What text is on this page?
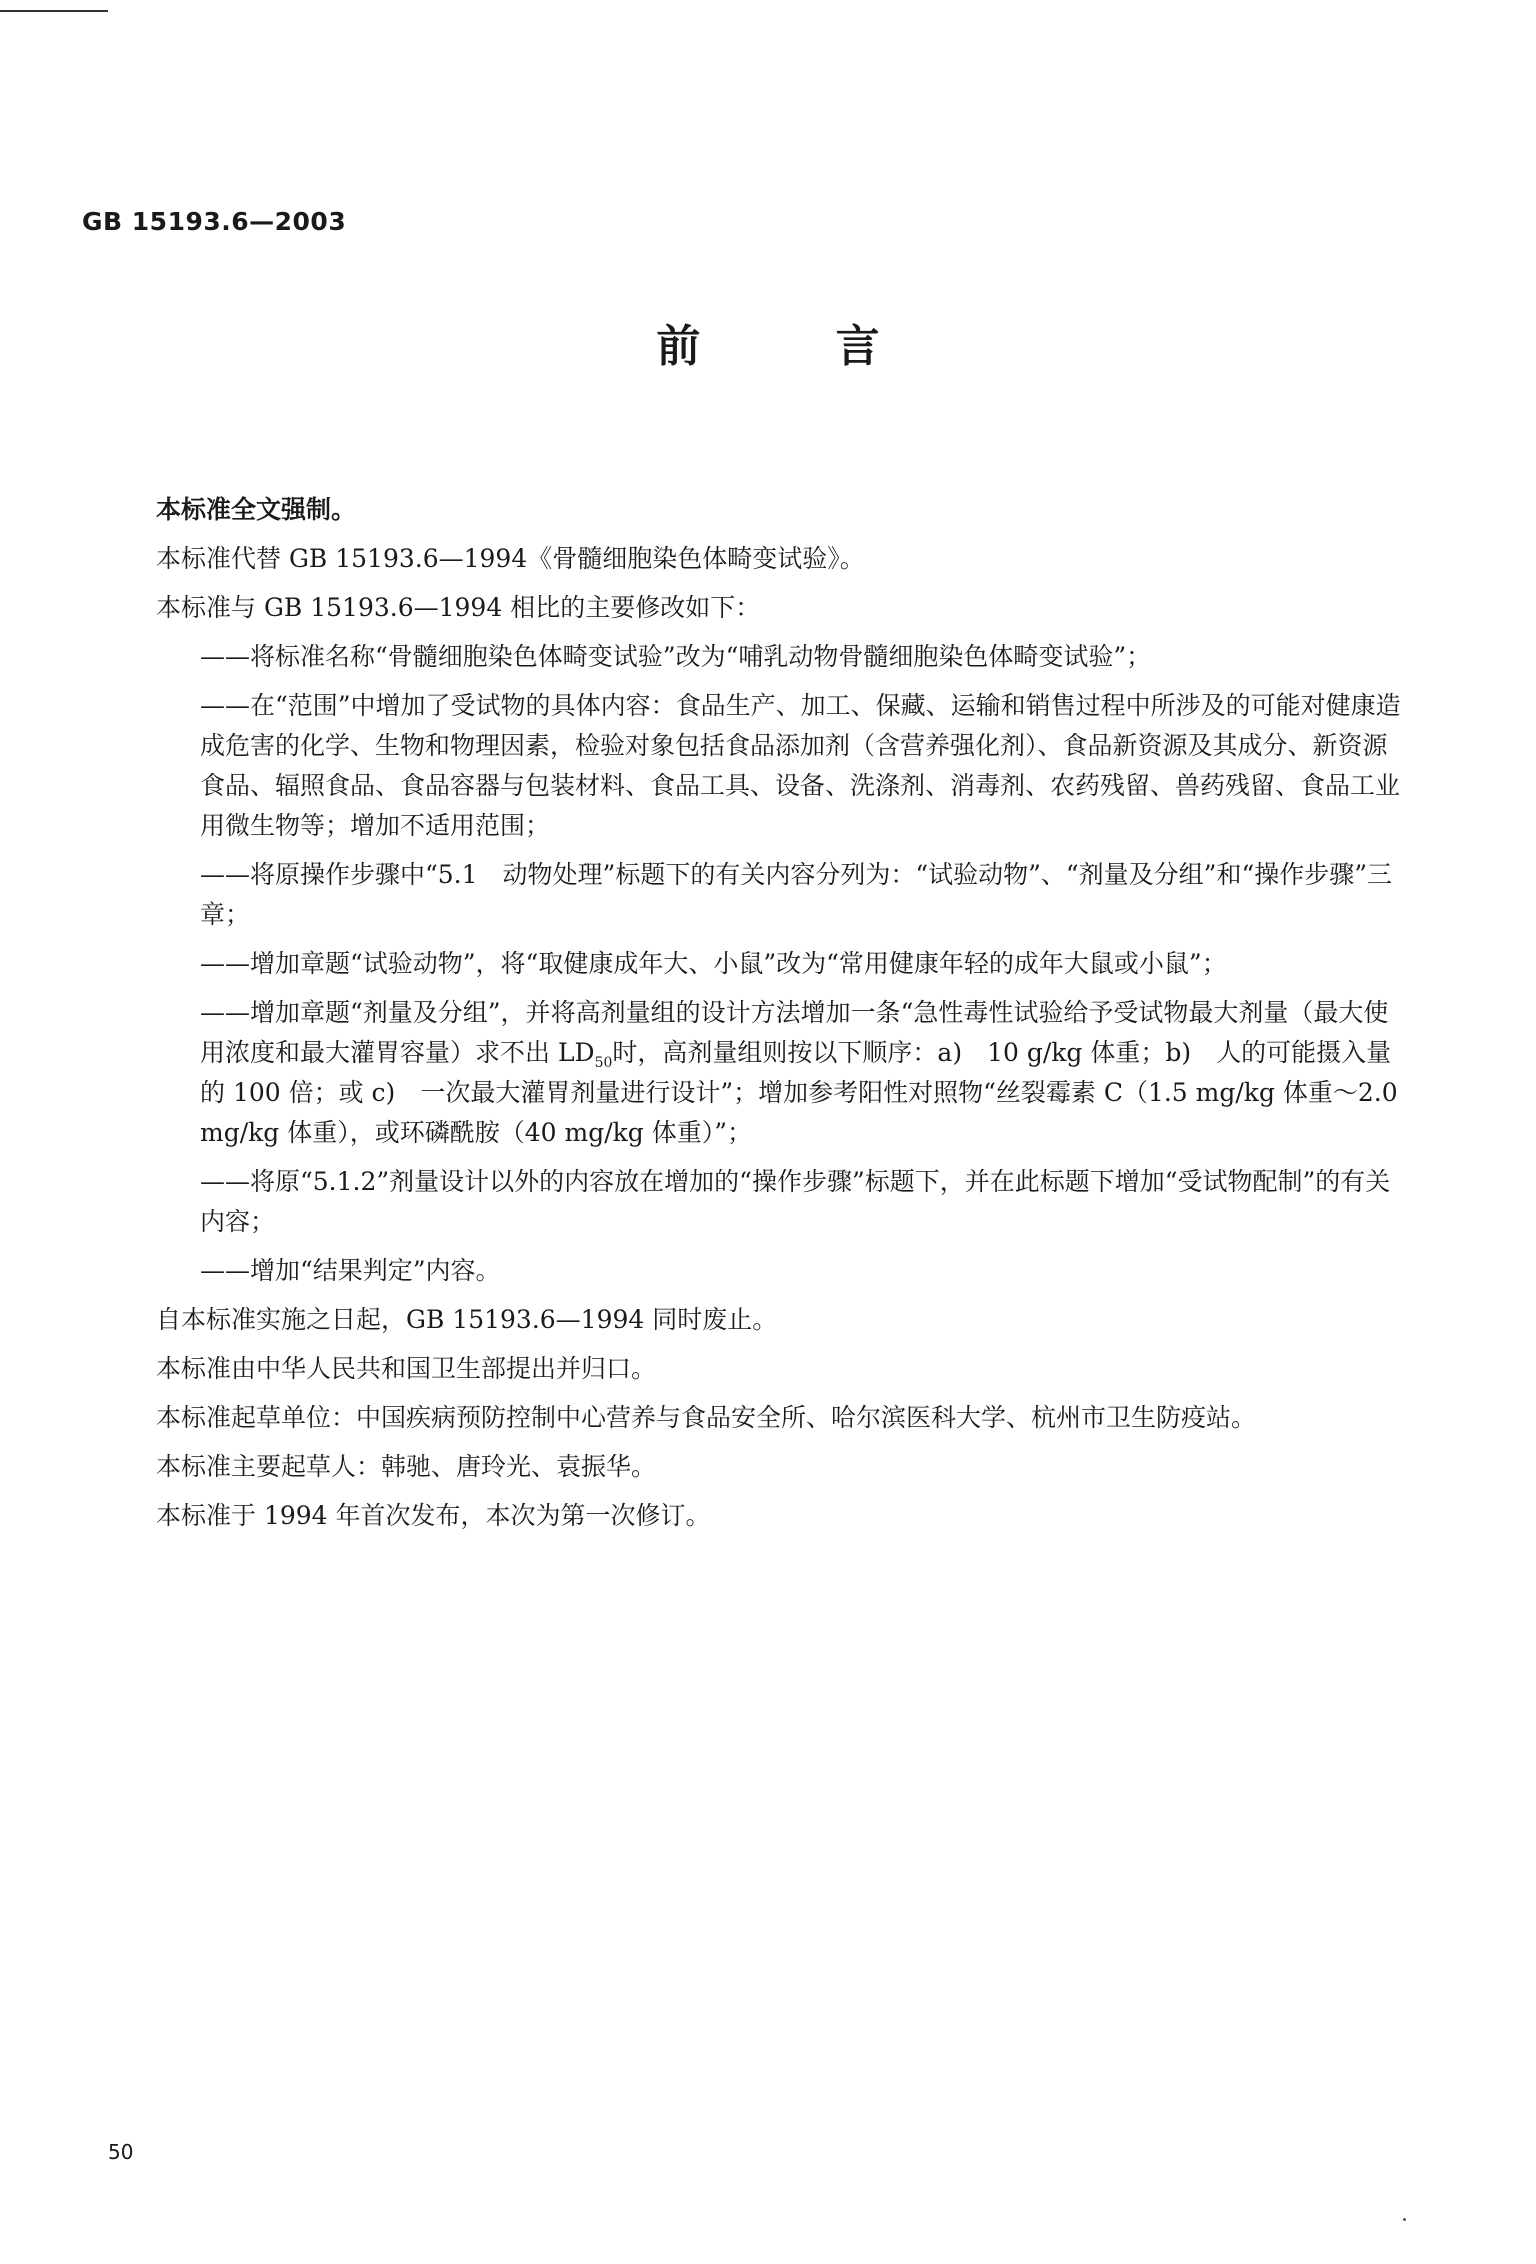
GB 15193.6—2003
前 言
本标准全文强制。
本标准代替 GB 15193.6—1994《骨髓细胞染色体畸变试验》。
本标准与 GB 15193.6—1994 相比的主要修改如下：
——将标准名称“骨髓细胞染色体畸变试验”改为“哺乳动物骨髓细胞染色体畸变试验”；
——在“范围”中增加了受试物的具体内容：食品生产、加工、保藏、运输和销售过程中所涉及的可能对健康造成危害的化学、生物和物理因素，检验对象包括食品添加剂（含营养强化剂）、食品新资源及其成分、新资源食品、辐照食品、食品容器与包装材料、食品工具、设备、洗涤剂、消毒剂、农药残留、兽药残留、食品工业用微生物等；增加不适用范围；
——将原操作步骤中“5.1　动物处理”标题下的有关内容分列为：“试验动物”、“剂量及分组”和“操作步骤”三章；
——增加章题“试验动物”，将“取健康成年大、小鼠”改为“常用健康年轻的成年大鼠或小鼠”；
——增加章题“剂量及分组”，并将高剂量组的设计方法增加一条“急性毒性试验给予受试物最大剂量（最大使用浓度和最大灌胃容量）求不出 $LD_{50}$时，高剂量组则按以下顺序：a)　10 g/kg 体重；b)　人的可能摄入量的 100 倍；或 c)　一次最大灌胃剂量进行设计”；增加参考阳性对照物“丝裂霉素 C（1.5 mg/kg 体重～2.0 mg/kg 体重），或环磷酰胺（40 mg/kg 体重）”；
——将原“5.1.2”剂量设计以外的内容放在增加的“操作步骤”标题下，并在此标题下增加“受试物配制”的有关内容；
——增加“结果判定”内容。
自本标准实施之日起，GB 15193.6—1994 同时废止。
本标准由中华人民共和国卫生部提出并归口。
本标准起草单位：中国疾病预防控制中心营养与食品安全所、哈尔滨医科大学、杭州市卫生防疫站。
本标准主要起草人：韩驰、唐玲光、袁振华。
本标准于 1994 年首次发布，本次为第一次修订。
50
